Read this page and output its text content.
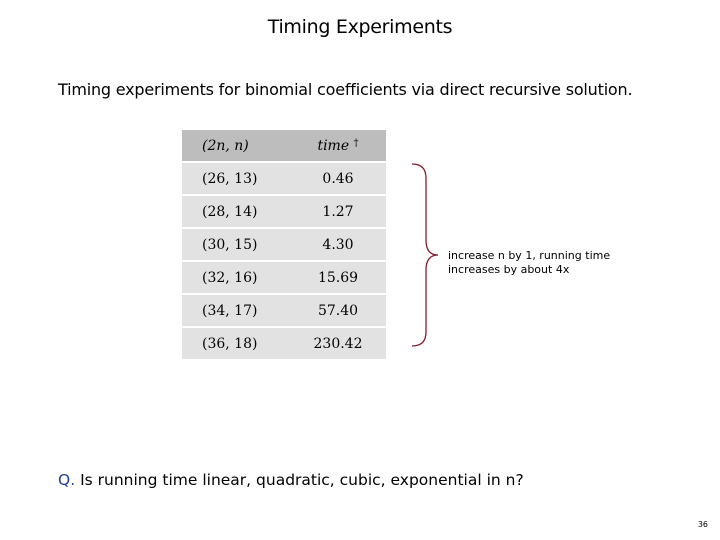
Timing Experiments
Timing experiments for binomial coefficients via direct recursive solution.
(2n, n)	time †
(26, 13)	0.46
(28, 14)	1.27
(30, 15)	4.30
(32, 16)	15.69
(34, 17)	57.40
(36, 18)	230.42
increase n by 1, running time
increases by about 4x
Q. Is running time linear, quadratic, cubic, exponential in n?
36
